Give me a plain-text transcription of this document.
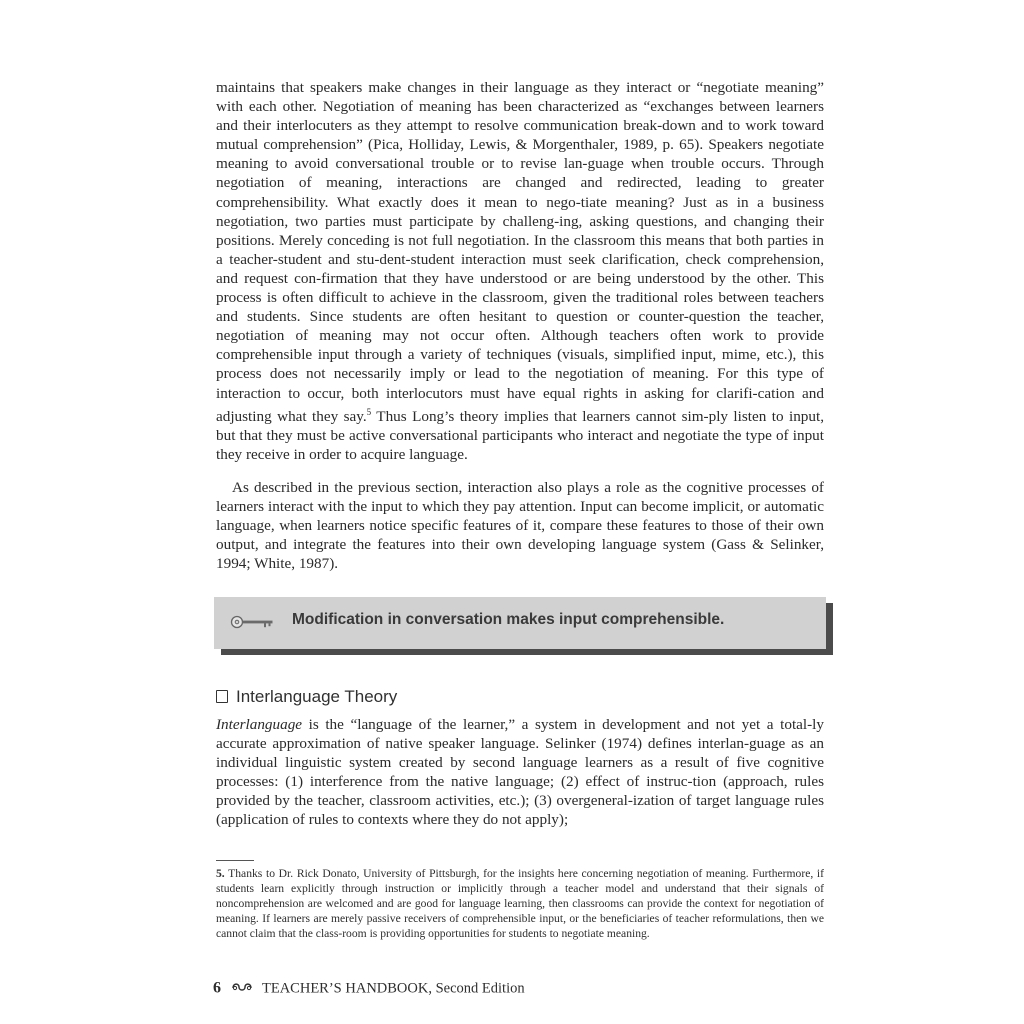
maintains that speakers make changes in their language as they interact or “negotiate meaning” with each other. Negotiation of meaning has been characterized as “exchanges between learners and their interlocuters as they attempt to resolve communication break-down and to work toward mutual comprehension” (Pica, Holliday, Lewis, & Morgenthaler, 1989, p. 65). Speakers negotiate meaning to avoid conversational trouble or to revise lan-guage when trouble occurs. Through negotiation of meaning, interactions are changed and redirected, leading to greater comprehensibility. What exactly does it mean to nego-tiate meaning? Just as in a business negotiation, two parties must participate by challeng-ing, asking questions, and changing their positions. Merely conceding is not full negotiation. In the classroom this means that both parties in a teacher-student and stu-dent-student interaction must seek clarification, check comprehension, and request con-firmation that they have understood or are being understood by the other. This process is often difficult to achieve in the classroom, given the traditional roles between teachers and students. Since students are often hesitant to question or counter-question the teacher, negotiation of meaning may not occur often. Although teachers often work to provide comprehensible input through a variety of techniques (visuals, simplified input, mime, etc.), this process does not necessarily imply or lead to the negotiation of meaning. For this type of interaction to occur, both interlocutors must have equal rights in asking for clarifi-cation and adjusting what they say.$^5$ Thus Long’s theory implies that learners cannot sim-ply listen to input, but that they must be active conversational participants who interact and negotiate the type of input they receive in order to acquire language.

As described in the previous section, interaction also plays a role as the cognitive processes of learners interact with the input to which they pay attention. Input can become implicit, or automatic language, when learners notice specific features of it, compare these features to those of their own output, and integrate the features into their own developing language system (Gass & Selinker, 1994; White, 1987).

Modification in conversation makes input comprehensible.
Interlanguage Theory

Interlanguage is the “language of the learner,” a system in development and not yet a total-ly accurate approximation of native speaker language. Selinker (1974) defines interlan-guage as an individual linguistic system created by second language learners as a result of five cognitive processes: (1) interference from the native language; (2) effect of instruc-tion (approach, rules provided by the teacher, classroom activities, etc.); (3) overgeneral-ization of target language rules (application of rules to contexts where they do not apply);

5. Thanks to Dr. Rick Donato, University of Pittsburgh, for the insights here concerning negotiation of meaning. Furthermore, if students learn explicitly through instruction or implicitly through a teacher model and understand that their signals of noncomprehension are welcomed and are good for language learning, then classrooms can provide the context for negotiation of meaning. If learners are merely passive receivers of comprehensible input, or the beneficiaries of teacher reformulations, then we cannot claim that the class-room is providing opportunities for students to negotiate meaning.

6	TEACHER’S HANDBOOK, Second Edition
